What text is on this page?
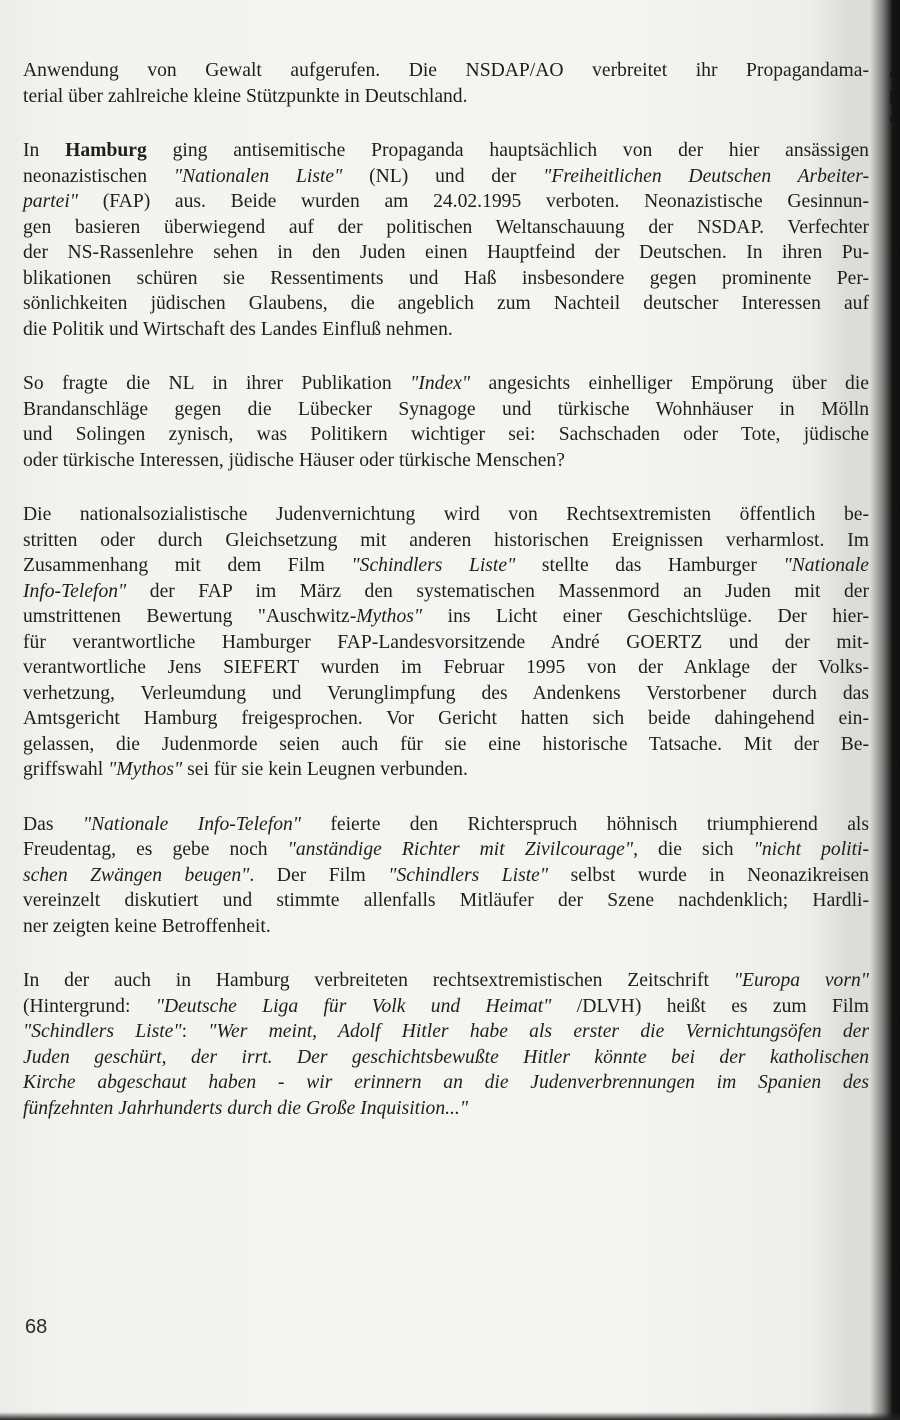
Anwendung von Gewalt aufgerufen. Die NSDAP/AO verbreitet ihr Propagandama-
terial über zahlreiche kleine Stützpunkte in Deutschland.

In Hamburg ging antisemitische Propaganda hauptsächlich von der hier ansässigen
neonazistischen "Nationalen Liste" (NL) und der "Freiheitlichen Deutschen Arbeiter-
partei" (FAP) aus. Beide wurden am 24.02.1995 verboten. Neonazistische Gesinnun-
gen basieren überwiegend auf der politischen Weltanschauung der NSDAP. Verfechter
der NS-Rassenlehre sehen in den Juden einen Hauptfeind der Deutschen. In ihren Pu-
blikationen schüren sie Ressentiments und Haß insbesondere gegen prominente Per-
sönlichkeiten jüdischen Glaubens, die angeblich zum Nachteil deutscher Interessen auf
die Politik und Wirtschaft des Landes Einfluß nehmen.

So fragte die NL in ihrer Publikation "Index" angesichts einhelliger Empörung über die
Brandanschläge gegen die Lübecker Synagoge und türkische Wohnhäuser in Mölln
und Solingen zynisch, was Politikern wichtiger sei: Sachschaden oder Tote, jüdische
oder türkische Interessen, jüdische Häuser oder türkische Menschen?

Die nationalsozialistische Judenvernichtung wird von Rechtsextremisten öffentlich be-
stritten oder durch Gleichsetzung mit anderen historischen Ereignissen verharmlost. Im
Zusammenhang mit dem Film "Schindlers Liste" stellte das Hamburger "Nationale
Info-Telefon" der FAP im März den systematischen Massenmord an Juden mit der
umstrittenen Bewertung "Auschwitz-Mythos" ins Licht einer Geschichtslüge. Der hier-
für verantwortliche Hamburger FAP-Landesvorsitzende André GOERTZ und der mit-
verantwortliche Jens SIEFERT wurden im Februar 1995 von der Anklage der Volks-
verhetzung, Verleumdung und Verunglimpfung des Andenkens Verstorbener durch das
Amtsgericht Hamburg freigesprochen. Vor Gericht hatten sich beide dahingehend ein-
gelassen, die Judenmorde seien auch für sie eine historische Tatsache. Mit der Be-
griffswahl "Mythos" sei für sie kein Leugnen verbunden.

Das "Nationale Info-Telefon" feierte den Richterspruch höhnisch triumphierend als
Freudentag, es gebe noch "anständige Richter mit Zivilcourage", die sich "nicht politi-
schen Zwängen beugen". Der Film "Schindlers Liste" selbst wurde in Neonazikreisen
vereinzelt diskutiert und stimmte allenfalls Mitläufer der Szene nachdenklich; Hardli-
ner zeigten keine Betroffenheit.

In der auch in Hamburg verbreiteten rechtsextremistischen Zeitschrift "Europa vorn"
(Hintergrund: "Deutsche Liga für Volk und Heimat" /DLVH) heißt es zum Film
"Schindlers Liste": "Wer meint, Adolf Hitler habe als erster die Vernichtungsöfen der
Juden geschürt, der irrt. Der geschichtsbewußte Hitler könnte bei der katholischen
Kirche abgeschaut haben - wir erinnern an die Judenverbrennungen im Spanien des
fünfzehnten Jahrhunderts durch die Große Inquisition..."

68
